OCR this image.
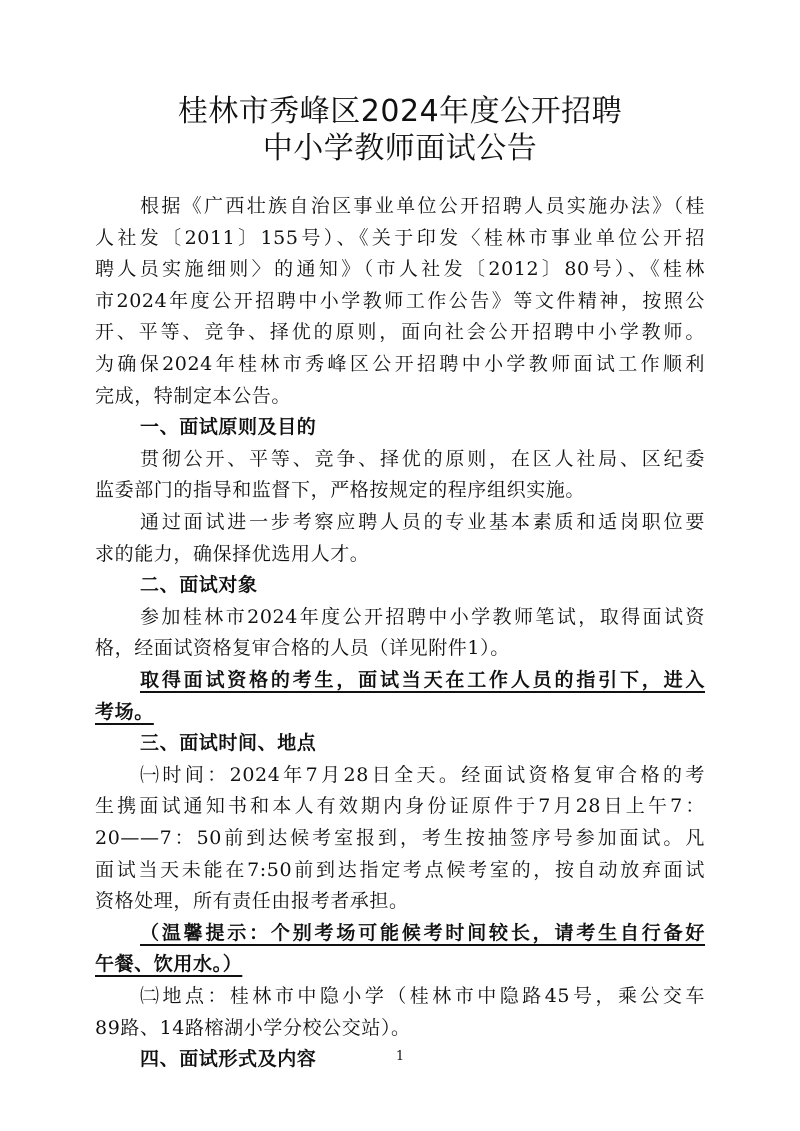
桂林市秀峰区2024年度公开招聘
中小学教师面试公告
根据《广西壮族自治区事业单位公开招聘人员实施办法》（桂
人社发〔2011〕155号）、《关于印发〈桂林市事业单位公开招
聘人员实施细则〉的通知》（市人社发〔2012〕80号）、《桂林
市2024年度公开招聘中小学教师工作公告》等文件精神，按照公
开、平等、竞争、择优的原则，面向社会公开招聘中小学教师。
为确保2024年桂林市秀峰区公开招聘中小学教师面试工作顺利
完成，特制定本公告。
一、面试原则及目的
贯彻公开、平等、竞争、择优的原则，在区人社局、区纪委
监委部门的指导和监督下，严格按规定的程序组织实施。
通过面试进一步考察应聘人员的专业基本素质和适岗职位要
求的能力，确保择优选用人才。
二、面试对象
参加桂林市2024年度公开招聘中小学教师笔试，取得面试资
格，经面试资格复审合格的人员（详见附件1）。
取得面试资格的考生，面试当天在工作人员的指引下，进入
考场。
三、面试时间、地点
㈠时间：2024年7月28日全天。经面试资格复审合格的考
生携面试通知书和本人有效期内身份证原件于7月28日上午7：
20——7：50前到达候考室报到，考生按抽签序号参加面试。凡
面试当天未能在7:50前到达指定考点候考室的，按自动放弃面试
资格处理，所有责任由报考者承担。
（温馨提示：个别考场可能候考时间较长，请考生自行备好
午餐、饮用水。）
㈡地点：桂林市中隐小学（桂林市中隐路45号，乘公交车
89路、14路榕湖小学分校公交站）。
四、面试形式及内容	1
